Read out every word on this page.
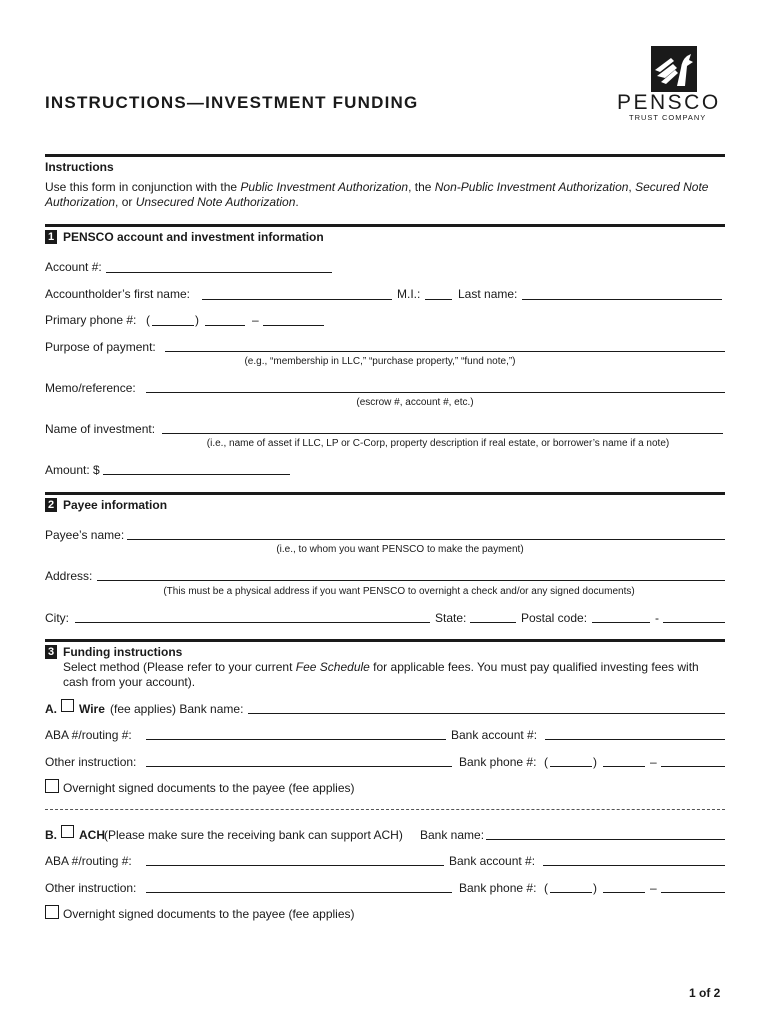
INSTRUCTIONS—INVESTMENT FUNDING	PENSCO
TRUST COMPANY
Instructions
Use this form in conjunction with the Public Investment Authorization, the Non-Public Investment Authorization, Secured Note Authorization, or Unsecured Note Authorization.
1 PENSCO account and investment information
Account #:
Accountholder’s first name:	M.I.:	Last name:
Primary phone #: (	)	–
Purpose of payment:
(e.g., “membership in LLC,” “purchase property,” “fund note,”)
Memo/reference:
(escrow #, account #, etc.)
Name of investment:
(i.e., name of asset if LLC, LP or C-Corp, property description if real estate, or borrower’s name if a note)
Amount: $
2 Payee information
Payee’s name:
(i.e., to whom you want PENSCO to make the payment)
Address:
(This must be a physical address if you want PENSCO to overnight a check and/or any signed documents)
City:	State:	Postal code:	-
3 Funding instructions
Select method (Please refer to your current Fee Schedule for applicable fees. You must pay qualified investing fees with cash from your account).
A. Wire (fee applies) Bank name:
ABA #/routing #:	Bank account #:
Other instruction:	Bank phone #: (	)	–
Overnight signed documents to the payee (fee applies)
B. ACH (Please make sure the receiving bank can support ACH) Bank name:
ABA #/routing #:	Bank account #:
Other instruction:	Bank phone #: (	)	–
Overnight signed documents to the payee (fee applies)
1 of 2
